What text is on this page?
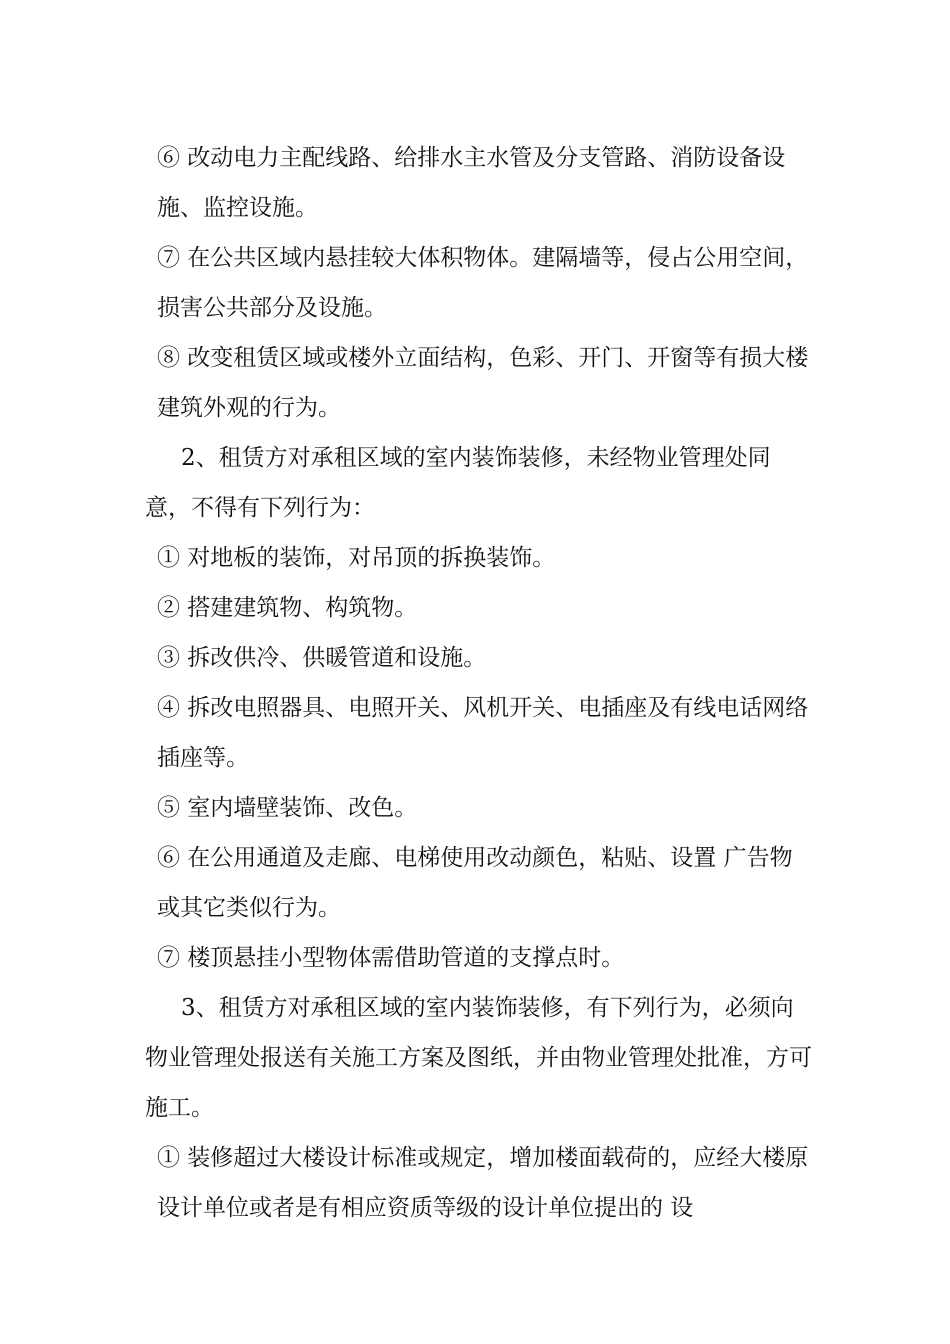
⑥ 改动电力主配线路、给排水主水管及分支管路、消防设备设施、监控设施。

⑦ 在公共区域内悬挂较大体积物体。建隔墙等，侵占公用空间，损害公共部分及设施。

⑧ 改变租赁区域或楼外立面结构，色彩、开门、开窗等有损大楼建筑外观的行为。

2、租赁方对承租区域的室内装饰装修，未经物业管理处同意，不得有下列行为：

① 对地板的装饰，对吊顶的拆换装饰。

② 搭建建筑物、构筑物。

③ 拆改供冷、供暖管道和设施。

④ 拆改电照器具、电照开关、风机开关、电插座及有线电话网络插座等。

⑤ 室内墙壁装饰、改色。

⑥ 在公用通道及走廊、电梯使用改动颜色，粘贴、设置 广告物或其它类似行为。

⑦ 楼顶悬挂小型物体需借助管道的支撑点时。

3、租赁方对承租区域的室内装饰装修，有下列行为，必须向物业管理处报送有关施工方案及图纸，并由物业管理处批准，方可施工。

① 装修超过大楼设计标准或规定，增加楼面载荷的，应经大楼原设计单位或者是有相应资质等级的设计单位提出的 设
